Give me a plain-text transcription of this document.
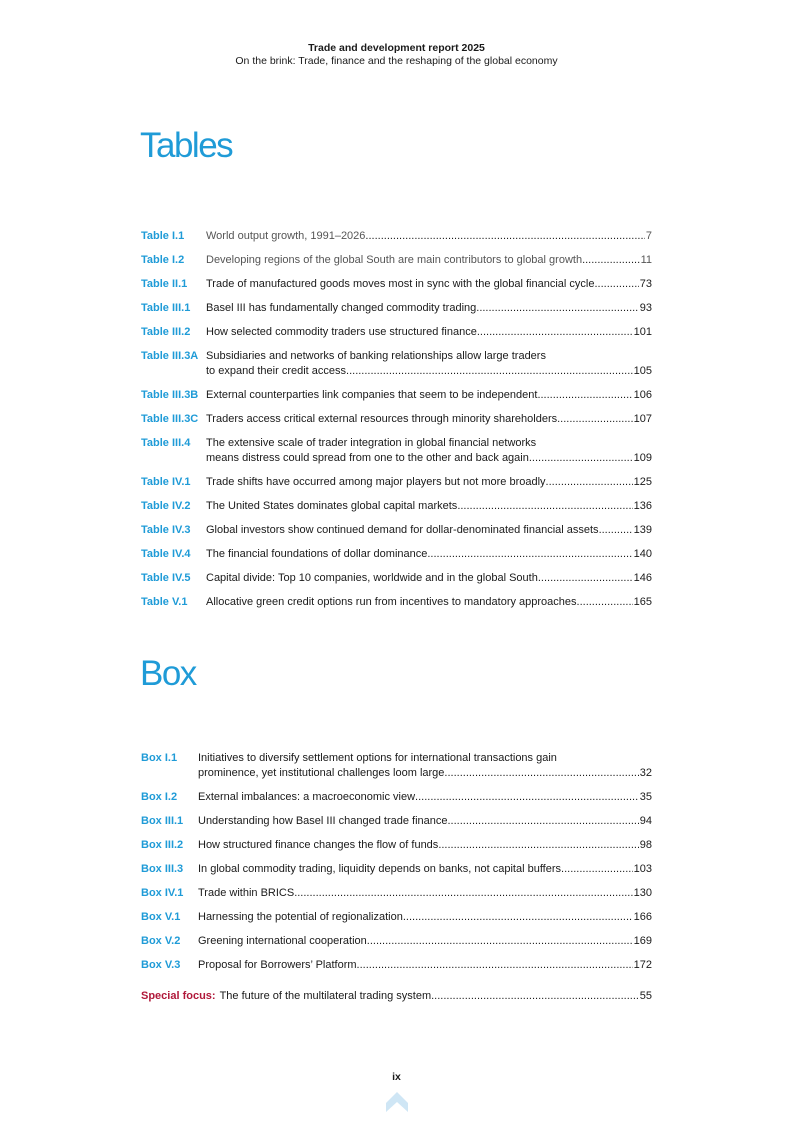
Trade and development report 2025
On the brink: Trade, finance and the reshaping of the global economy
Tables
Table I.1	World output growth, 1991–2026 .....	7
Table I.2	Developing regions of the global South are main contributors to global growth .....	11
Table II.1	Trade of manufactured goods moves most in sync with the global financial cycle .....	73
Table III.1	Basel III has fundamentally changed commodity trading .....	93
Table III.2	How selected commodity traders use structured finance .....	101
Table III.3A Subsidiaries and networks of banking relationships allow large traders
to expand their credit access .....	105
Table III.3B External counterparties link companies that seem to be independent .....	106
Table III.3C Traders access critical external resources through minority shareholders .....	107
Table III.4	The extensive scale of trader integration in global financial networks
means distress could spread from one to the other and back again .....	109
Table IV.1	Trade shifts have occurred among major players but not more broadly .....	125
Table IV.2	The United States dominates global capital markets .....	136
Table IV.3	Global investors show continued demand for dollar-denominated financial assets .....	139
Table IV.4	The financial foundations of dollar dominance .....	140
Table IV.5	Capital divide: Top 10 companies, worldwide and in the global South .....	146
Table V.1	Allocative green credit options run from incentives to mandatory approaches .....	165
Box
Box I.1	Initiatives to diversify settlement options for international transactions gain
prominence, yet institutional challenges loom large .....	32
Box I.2	External imbalances: a macroeconomic view .....	35
Box III.1	Understanding how Basel III changed trade finance .....	94
Box III.2	How structured finance changes the flow of funds .....	98
Box III.3	In global commodity trading, liquidity depends on banks, not capital buffers .....	103
Box IV.1	Trade within BRICS .....	130
Box V.1	Harnessing the potential of regionalization .....	166
Box V.2	Greening international cooperation .....	169
Box V.3	Proposal for Borrowers’ Platform .....	172
Special focus: The future of the multilateral trading system .....	55
ix
